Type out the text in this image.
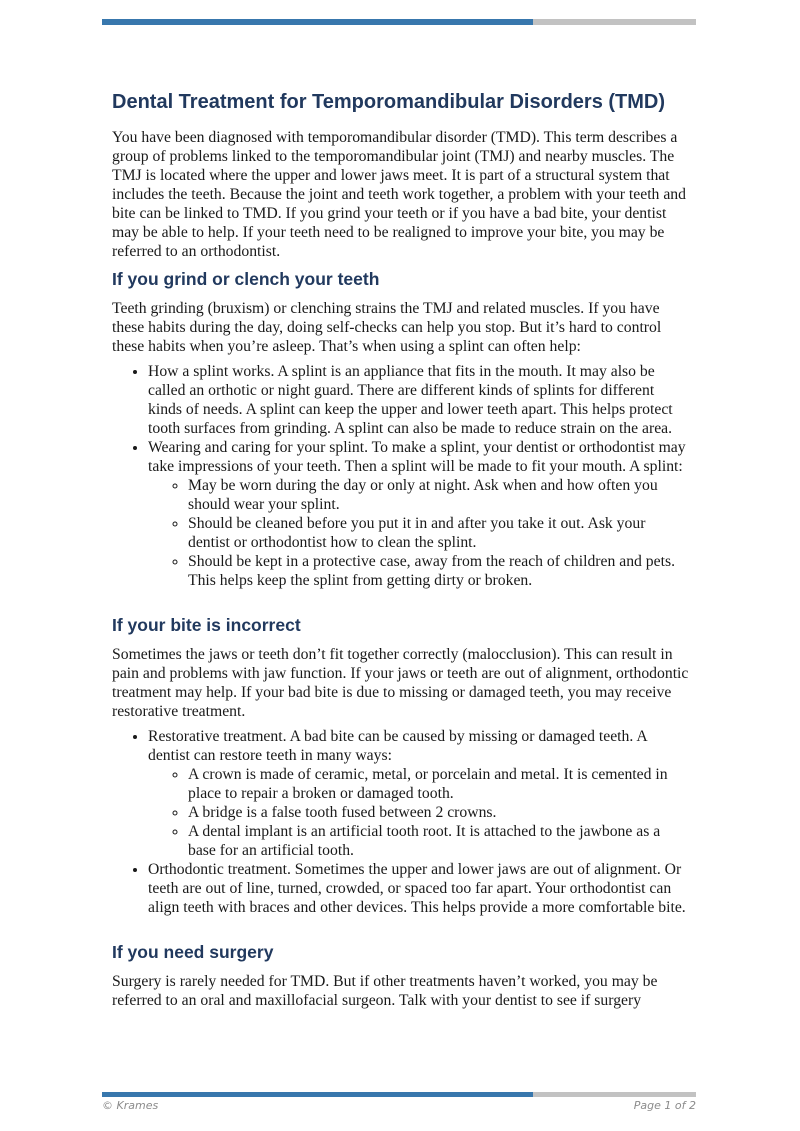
Dental Treatment for Temporomandibular Disorders (TMD)

You have been diagnosed with temporomandibular disorder (TMD). This term describes a group of problems linked to the temporomandibular joint (TMJ) and nearby muscles. The TMJ is located where the upper and lower jaws meet. It is part of a structural system that includes the teeth. Because the joint and teeth work together, a problem with your teeth and bite can be linked to TMD. If you grind your teeth or if you have a bad bite, your dentist may be able to help. If your teeth need to be realigned to improve your bite, you may be referred to an orthodontist.

If you grind or clench your teeth

Teeth grinding (bruxism) or clenching strains the TMJ and related muscles. If you have these habits during the day, doing self-checks can help you stop. But it’s hard to control these habits when you’re asleep. That’s when using a splint can often help:

• How a splint works. A splint is an appliance that fits in the mouth. It may also be called an orthotic or night guard. There are different kinds of splints for different kinds of needs. A splint can keep the upper and lower teeth apart. This helps protect tooth surfaces from grinding. A splint can also be made to reduce strain on the area.
• Wearing and caring for your splint. To make a splint, your dentist or orthodontist may take impressions of your teeth. Then a splint will be made to fit your mouth. A splint:
◦ May be worn during the day or only at night. Ask when and how often you should wear your splint.
◦ Should be cleaned before you put it in and after you take it out. Ask your dentist or orthodontist how to clean the splint.
◦ Should be kept in a protective case, away from the reach of children and pets. This helps keep the splint from getting dirty or broken.
If your bite is incorrect

Sometimes the jaws or teeth don’t fit together correctly (malocclusion). This can result in pain and problems with jaw function. If your jaws or teeth are out of alignment, orthodontic treatment may help. If your bad bite is due to missing or damaged teeth, you may receive restorative treatment.

• Restorative treatment. A bad bite can be caused by missing or damaged teeth. A dentist can restore teeth in many ways:
◦ A crown is made of ceramic, metal, or porcelain and metal. It is cemented in place to repair a broken or damaged tooth.
◦ A bridge is a false tooth fused between 2 crowns.
◦ A dental implant is an artificial tooth root. It is attached to the jawbone as a base for an artificial tooth.
• Orthodontic treatment. Sometimes the upper and lower jaws are out of alignment. Or teeth are out of line, turned, crowded, or spaced too far apart. Your orthodontist can align teeth with braces and other devices. This helps provide a more comfortable bite.
If you need surgery

Surgery is rarely needed for TMD. But if other treatments haven’t worked, you may be referred to an oral and maxillofacial surgeon. Talk with your dentist to see if surgery

© Krames	Page 1 of 2
